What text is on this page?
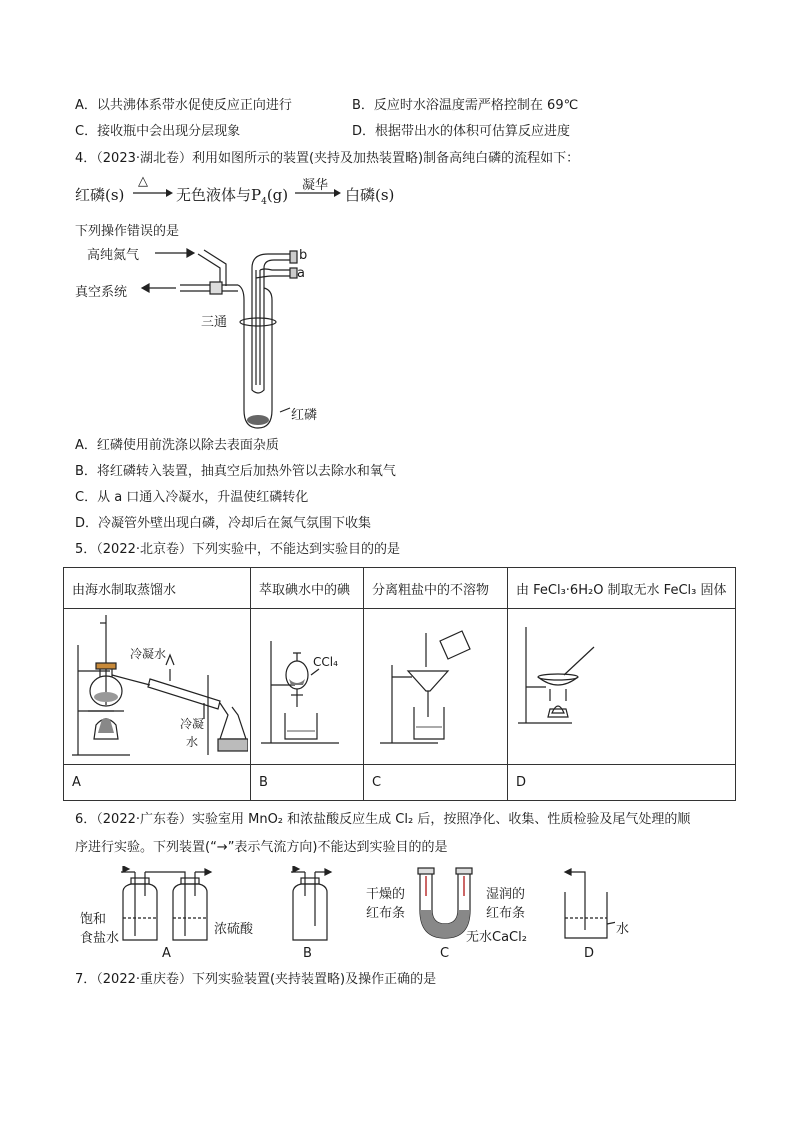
A．以共沸体系带水促使反应正向进行	B．反应时水浴温度需严格控制在 69℃
C．接收瓶中会出现分层现象	D．根据带出水的体积可估算反应进度
4．（2023·湖北卷）利用如图所示的装置(夹持及加热装置略)制备高纯白磷的流程如下：
红磷(s)
△
无色液体与$P_4(g)$
凝华
白磷(s)
下列操作错误的是
高纯氮气
真空系统
三通
b
a
红磷
A．红磷使用前洗涤以除去表面杂质
B．将红磷转入装置，抽真空后加热外管以去除水和氧气
C．从 a 口通入冷凝水，升温使红磷转化
D．冷凝管外壁出现白磷，冷却后在氮气氛围下收集
5．（2022·北京卷）下列实验中，不能达到实验目的的是
由海水制取蒸馏水	萃取碘水中的碘	分离粗盐中的不溶物	由 FeCl₃·6H₂O 制取无水 FeCl₃ 固体

冷凝水
冷凝
水	CCl₄

A	B	C	D
6．（2022·广东卷）实验室用 MnO₂ 和浓盐酸反应生成 Cl₂ 后，按照净化、收集、性质检验及尾气处理的顺
序进行实验。下列装置(“→”表示气流方向)不能达到实验目的的是
饱和
食盐水
浓硫酸
干燥的
红布条
湿润的
红布条
无水CaCl₂
水
A	B	C	D
7．（2022·重庆卷）下列实验装置(夹持装置略)及操作正确的是
